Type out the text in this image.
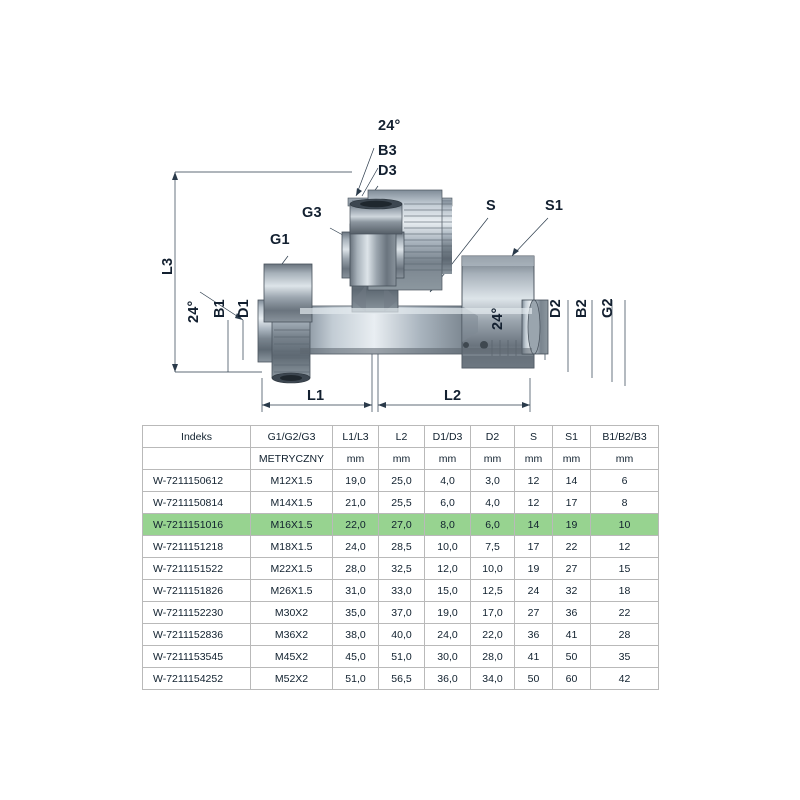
24°
B3
D3
G3
G1
S	S1
L3
24° B1 D1	24°	D2 B2 G2
L1	L2
Indeks	G1/G2/G3	L1/L3	L2	D1/D3	D2	S	S1	B1/B2/B3
	METRYCZNY	mm	mm	mm	mm	mm	mm	mm
W-7211150612	M12X1.5	19,0	25,0	4,0	3,0	12	14	6
W-7211150814	M14X1.5	21,0	25,5	6,0	4,0	12	17	8
W-7211151016	M16X1.5	22,0	27,0	8,0	6,0	14	19	10
W-7211151218	M18X1.5	24,0	28,5	10,0	7,5	17	22	12
W-7211151522	M22X1.5	28,0	32,5	12,0	10,0	19	27	15
W-7211151826	M26X1.5	31,0	33,0	15,0	12,5	24	32	18
W-7211152230	M30X2	35,0	37,0	19,0	17,0	27	36	22
W-7211152836	M36X2	38,0	40,0	24,0	22,0	36	41	28
W-7211153545	M45X2	45,0	51,0	30,0	28,0	41	50	35
W-7211154252	M52X2	51,0	56,5	36,0	34,0	50	60	42
